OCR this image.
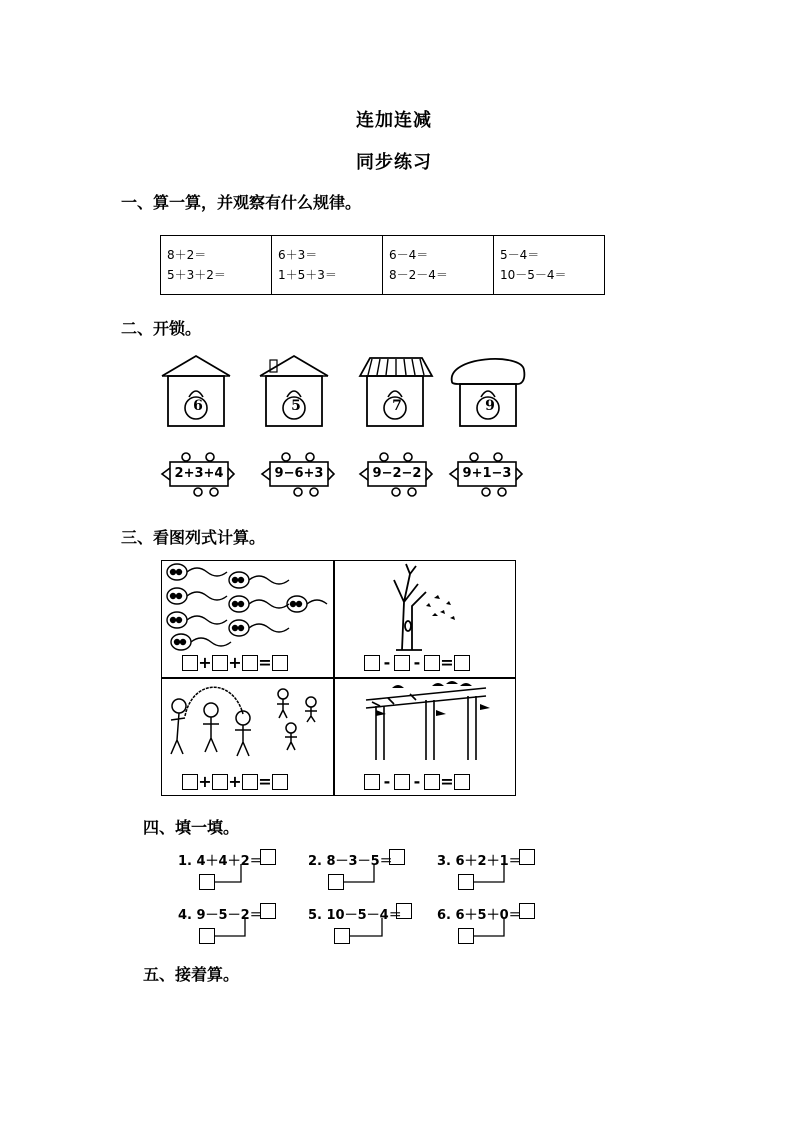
连加连减
同步练习
一、算一算，并观察有什么规律。
8＋2＝
5＋3＋2＝

6＋3＝
1＋5＋3＝

6－4＝
8－2－4＝

5－4＝
10－5－4＝
二、开锁。
6	5	7	9
2+3+4	9−6+3	9−2−2	9+1−3
三、看图列式计算。
+ + =	- - =
+ + =	- - =
四、填一填。
1. 4＋4＋2＝	2. 8－3－5＝	3. 6＋2＋1＝
4. 9－5－2＝	5. 10－5－4＝	6. 6＋5＋0＝
五、接着算。
